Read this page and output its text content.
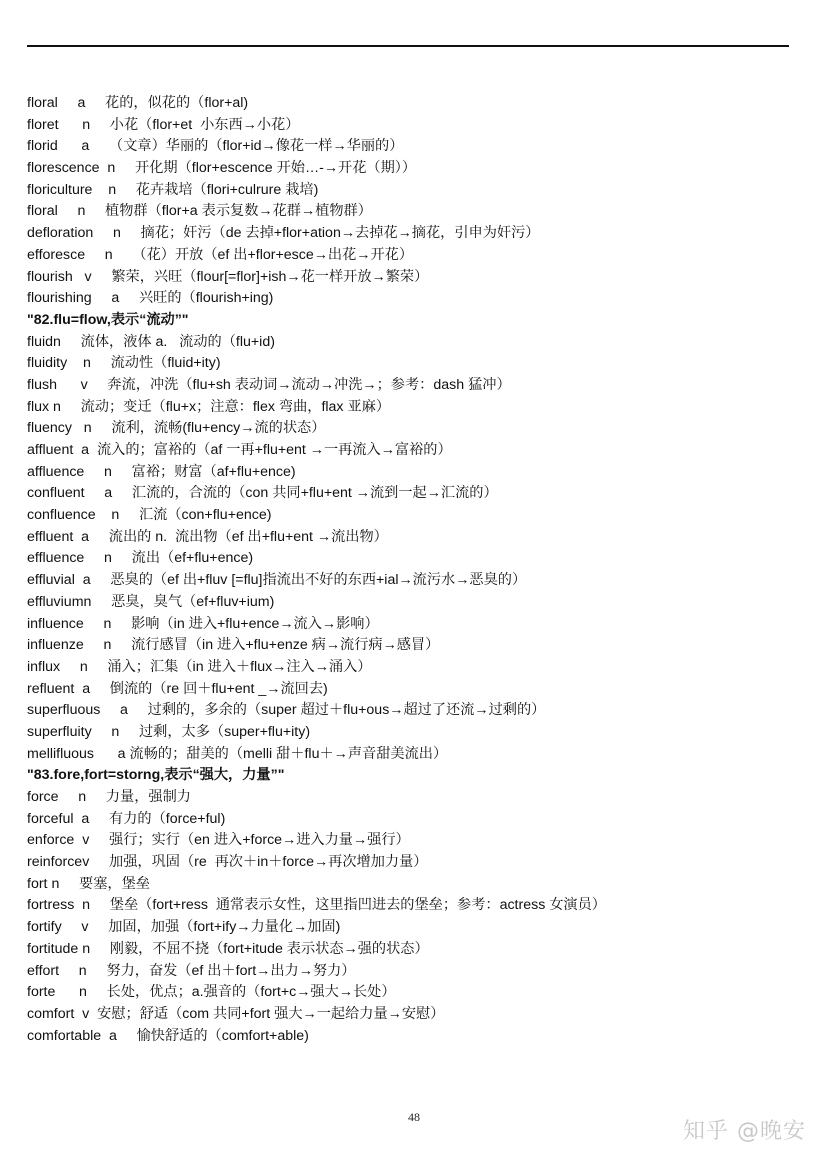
floral     a     花的，似花的（flor+al)
floret      n     小花（flor+et  小东西→小花）
florid      a     （文章）华丽的（flor+id→像花一样→华丽的）
florescence  n     开化期（flor+escence 开始…-→开花（期））
floriculture    n     花卉栽培（flori+culrure 栽培)
floral     n     植物群（flor+a 表示复数→花群→植物群）
defloration     n     摘花；奸污（de 去掉+flor+ation→去掉花→摘花，引申为奸污）
efforesce     n     （花）开放（ef 出+flor+esce→出花→开花）
flourish   v     繁荣，兴旺（flour[=flor]+ish→花一样开放→繁荣）
flourishing     a     兴旺的（flourish+ing)
"82.flu=flow,表示“流动”"
fluidn     流体，液体 a.   流动的（flu+id)
fluidity    n     流动性（fluid+ity)
flush      v     奔流，冲洗（flu+sh 表动词→流动→冲洗→；参考：dash 猛冲）
flux n     流动；变迁（flu+x；注意：flex 弯曲，flax 亚麻）
fluency   n     流利，流畅(flu+ency→流的状态）
affluent  a  流入的；富裕的（af 一再+flu+ent →一再流入→富裕的）
affluence     n     富裕；财富（af+flu+ence)
confluent     a     汇流的，合流的（con 共同+flu+ent →流到一起→汇流的）
confluence    n     汇流（con+flu+ence)
effluent  a     流出的 n.  流出物（ef 出+flu+ent →流出物）
effluence     n     流出（ef+flu+ence)
effluvial  a     恶臭的（ef 出+fluv [=flu]指流出不好的东西+ial→流污水→恶臭的）
effluviumn     恶臭，臭气（ef+fluv+ium)
influence     n     影响（in 进入+flu+ence→流入→影响）
influenze     n     流行感冒（in 进入+flu+enze 病→流行病→感冒）
influx     n     涌入；汇集（in 进入＋flux→注入→涌入）
refluent  a     倒流的（re 回＋flu+ent _→流回去)
superfluous     a     过剩的，多余的（super 超过＋flu+ous→超过了还流→过剩的）
superfluity     n     过剩，太多（super+flu+ity)
mellifluous      a 流畅的；甜美的（melli 甜＋flu＋→声音甜美流出）
"83.fore,fort=storng,表示“强大，力量”"
force     n     力量，强制力
forceful  a     有力的（force+ful)
enforce  v     强行；实行（en 进入+force→进入力量→强行）
reinforcev     加强，巩固（re  再次＋in＋force→再次增加力量）
fort n     要塞，堡垒
fortress  n     堡垒（fort+ress  通常表示女性，这里指凹进去的堡垒；参考：actress 女演员）
fortify     v     加固，加强（fort+ify→力量化→加固)
fortitude n     刚毅，不屈不挠（fort+itude 表示状态→强的状态）
effort     n     努力，奋发（ef 出＋fort→出力→努力）
forte      n     长处，优点；a.强音的（fort+c→强大→长处）
comfort  v  安慰；舒适（com 共同+fort 强大→一起给力量→安慰）
comfortable  a     愉快舒适的（comfort+able)
48
知乎 @晚安
